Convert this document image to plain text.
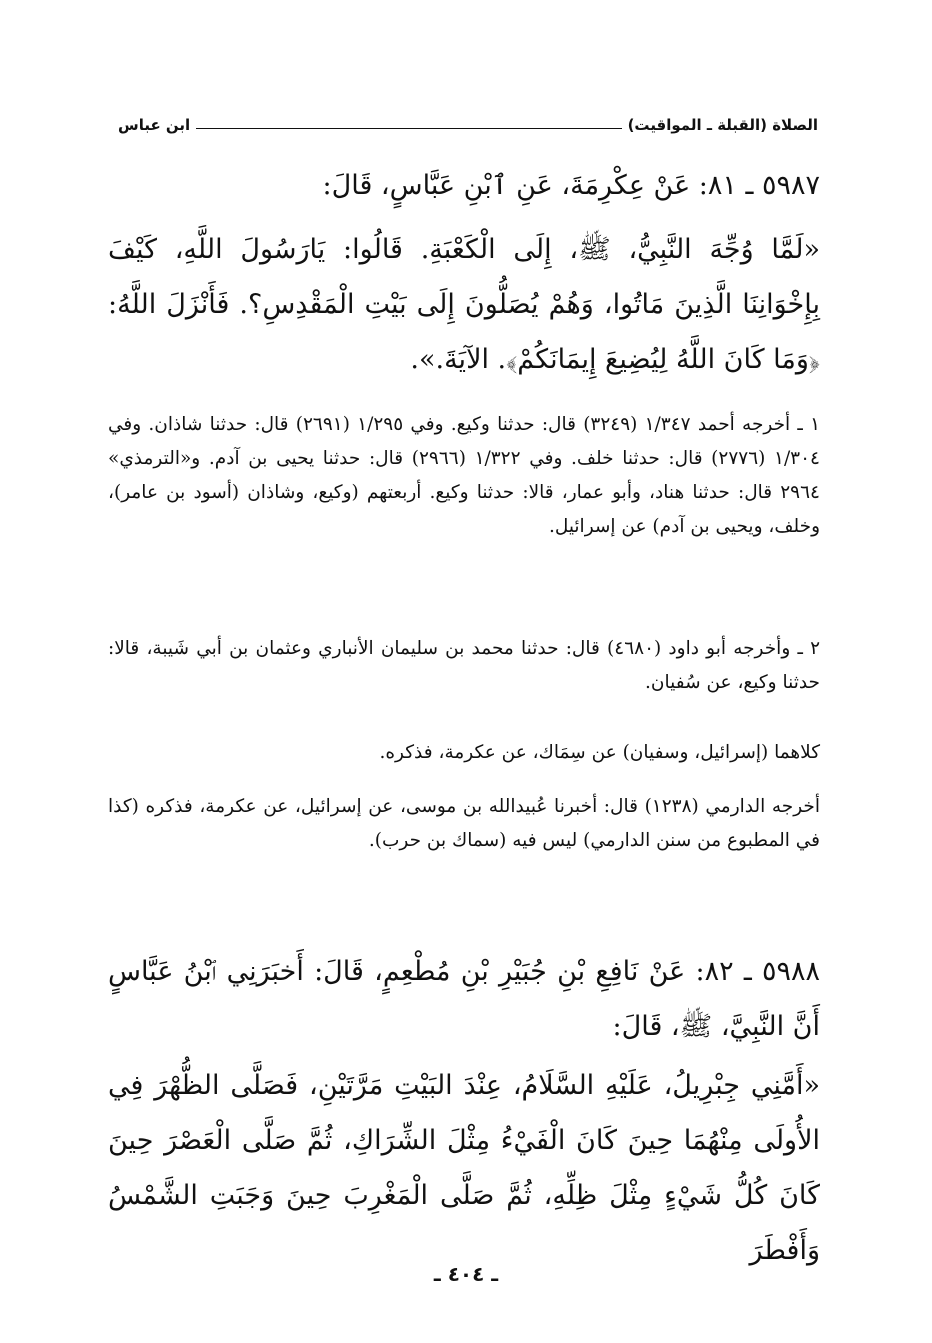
الصلاة (القبلة ـ المواقيت)
ابن عباس
٥٩٨٧ ـ ٨١: عَنْ عِكْرِمَةَ، عَنِ ٱبْنِ عَبَّاسٍ، قَالَ:
«لَمَّا وُجِّهَ النَّبِيُّ، ﷺ، إِلَى الْكَعْبَةِ. قَالُوا: يَارَسُولَ اللَّهِ، كَيْفَ بِإِخْوَانِنَا الَّذِينَ مَاتُوا، وَهُمْ يُصَلُّونَ إِلَى بَيْتِ الْمَقْدِسِ؟. فَأَنْزَلَ اللَّهُ: ﴿وَمَا كَانَ اللَّهُ لِيُضِيعَ إِيمَانَكُمْ﴾. الآيَةَ.».
١ ـ أخرجه أحمد ١/٣٤٧ (٣٢٤٩) قال: حدثنا وكيع. وفي ١/٢٩٥ (٢٦٩١) قال: حدثنا شاذان. وفي ١/٣٠٤ (٢٧٧٦) قال: حدثنا خلف. وفي ١/٣٢٢ (٢٩٦٦) قال: حدثنا يحيى بن آدم. و«الترمذي» ٢٩٦٤ قال: حدثنا هناد، وأبو عمار، قالا: حدثنا وكيع. أربعتهم (وكيع، وشاذان (أسود بن عامر)، وخلف، ويحيى بن آدم) عن إسرائيل.
٢ ـ وأخرجه أبو داود (٤٦٨٠) قال: حدثنا محمد بن سليمان الأنباري وعثمان بن أبي شَيبة، قالا: حدثنا وكيع، عن سُفيان.
كلاهما (إسرائيل، وسفيان) عن سِمَاك، عن عكرمة، فذكره.
أخرجه الدارمي (١٢٣٨) قال: أخبرنا عُبيدالله بن موسى، عن إسرائيل، عن عكرمة، فذكره (كذا في المطبوع من سنن الدارمي) ليس فيه (سماك بن حرب).
٥٩٨٨ ـ ٨٢: عَنْ نَافِعِ بْنِ جُبَيْرِ بْنِ مُطْعِمٍ، قَالَ: أَخبَرَنِي ٱبْنُ عَبَّاسٍ أَنَّ النَّبِيَّ، ﷺ، قَالَ:
«أَمَّنِي جِبْرِيلُ، عَلَيْهِ السَّلَامُ، عِنْدَ البَيْتِ مَرَّتَيْنِ، فَصَلَّى الظُّهْرَ فِي الأُولَى مِنْهُمَا حِينَ كَانَ الْفَيْءُ مِثْلَ الشِّرَاكِ، ثُمَّ صَلَّى الْعَصْرَ حِينَ كَانَ كُلُّ شَيْءٍ مِثْلَ ظِلِّهِ، ثُمَّ صَلَّى الْمَغْرِبَ حِينَ وَجَبَتِ الشَّمْسُ وَأَفْطَرَ
ـ ٤٠٤ ـ
